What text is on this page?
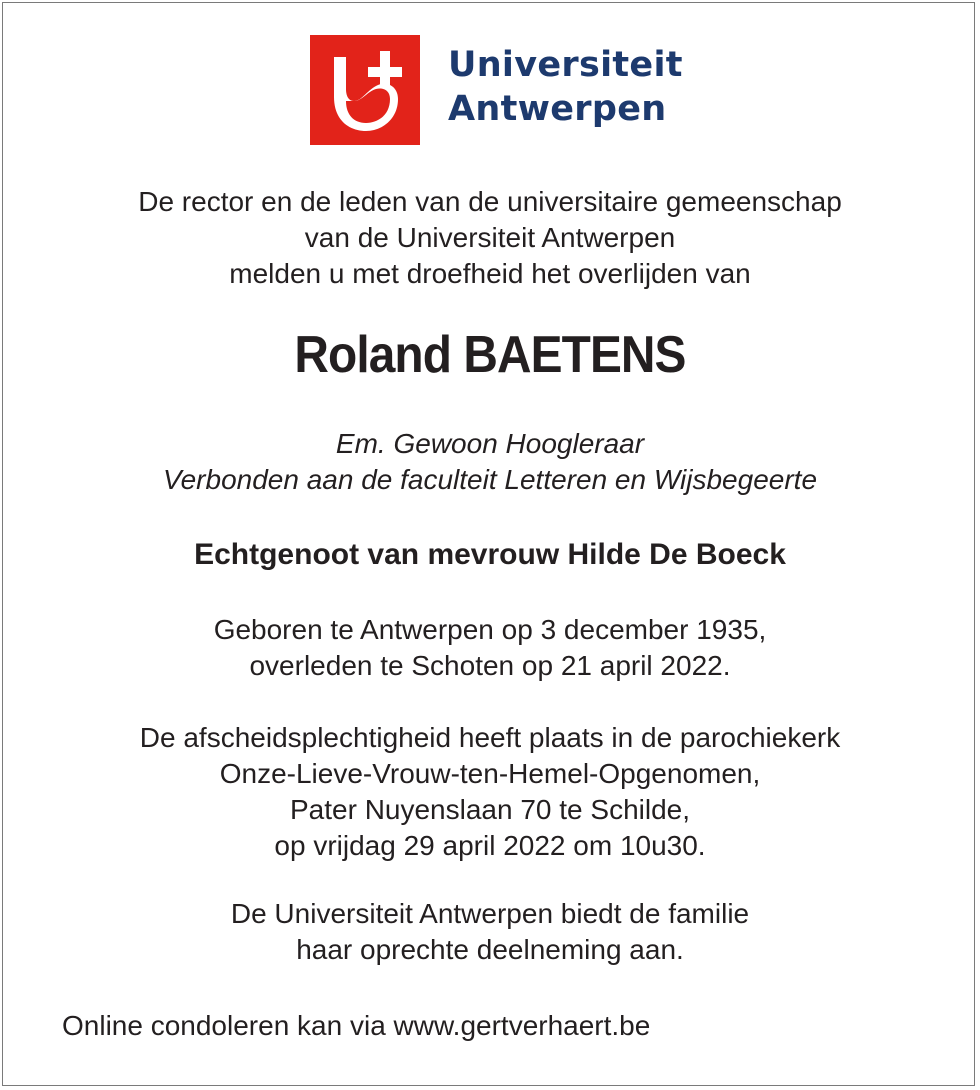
Universiteit
Antwerpen
De rector en de leden van de universitaire gemeenschap
van de Universiteit Antwerpen
melden u met droefheid het overlijden van
Roland BAETENS
Em. Gewoon Hoogleraar
Verbonden aan de faculteit Letteren en Wijsbegeerte
Echtgenoot van mevrouw Hilde De Boeck
Geboren te Antwerpen op 3 december 1935,
overleden te Schoten op 21 april 2022.
De afscheidsplechtigheid heeft plaats in de parochiekerk
Onze-Lieve-Vrouw-ten-Hemel-Opgenomen,
Pater Nuyenslaan 70 te Schilde,
op vrijdag 29 april 2022 om 10u30.
De Universiteit Antwerpen biedt de familie
haar oprechte deelneming aan.
Online condoleren kan via www.gertverhaert.be
